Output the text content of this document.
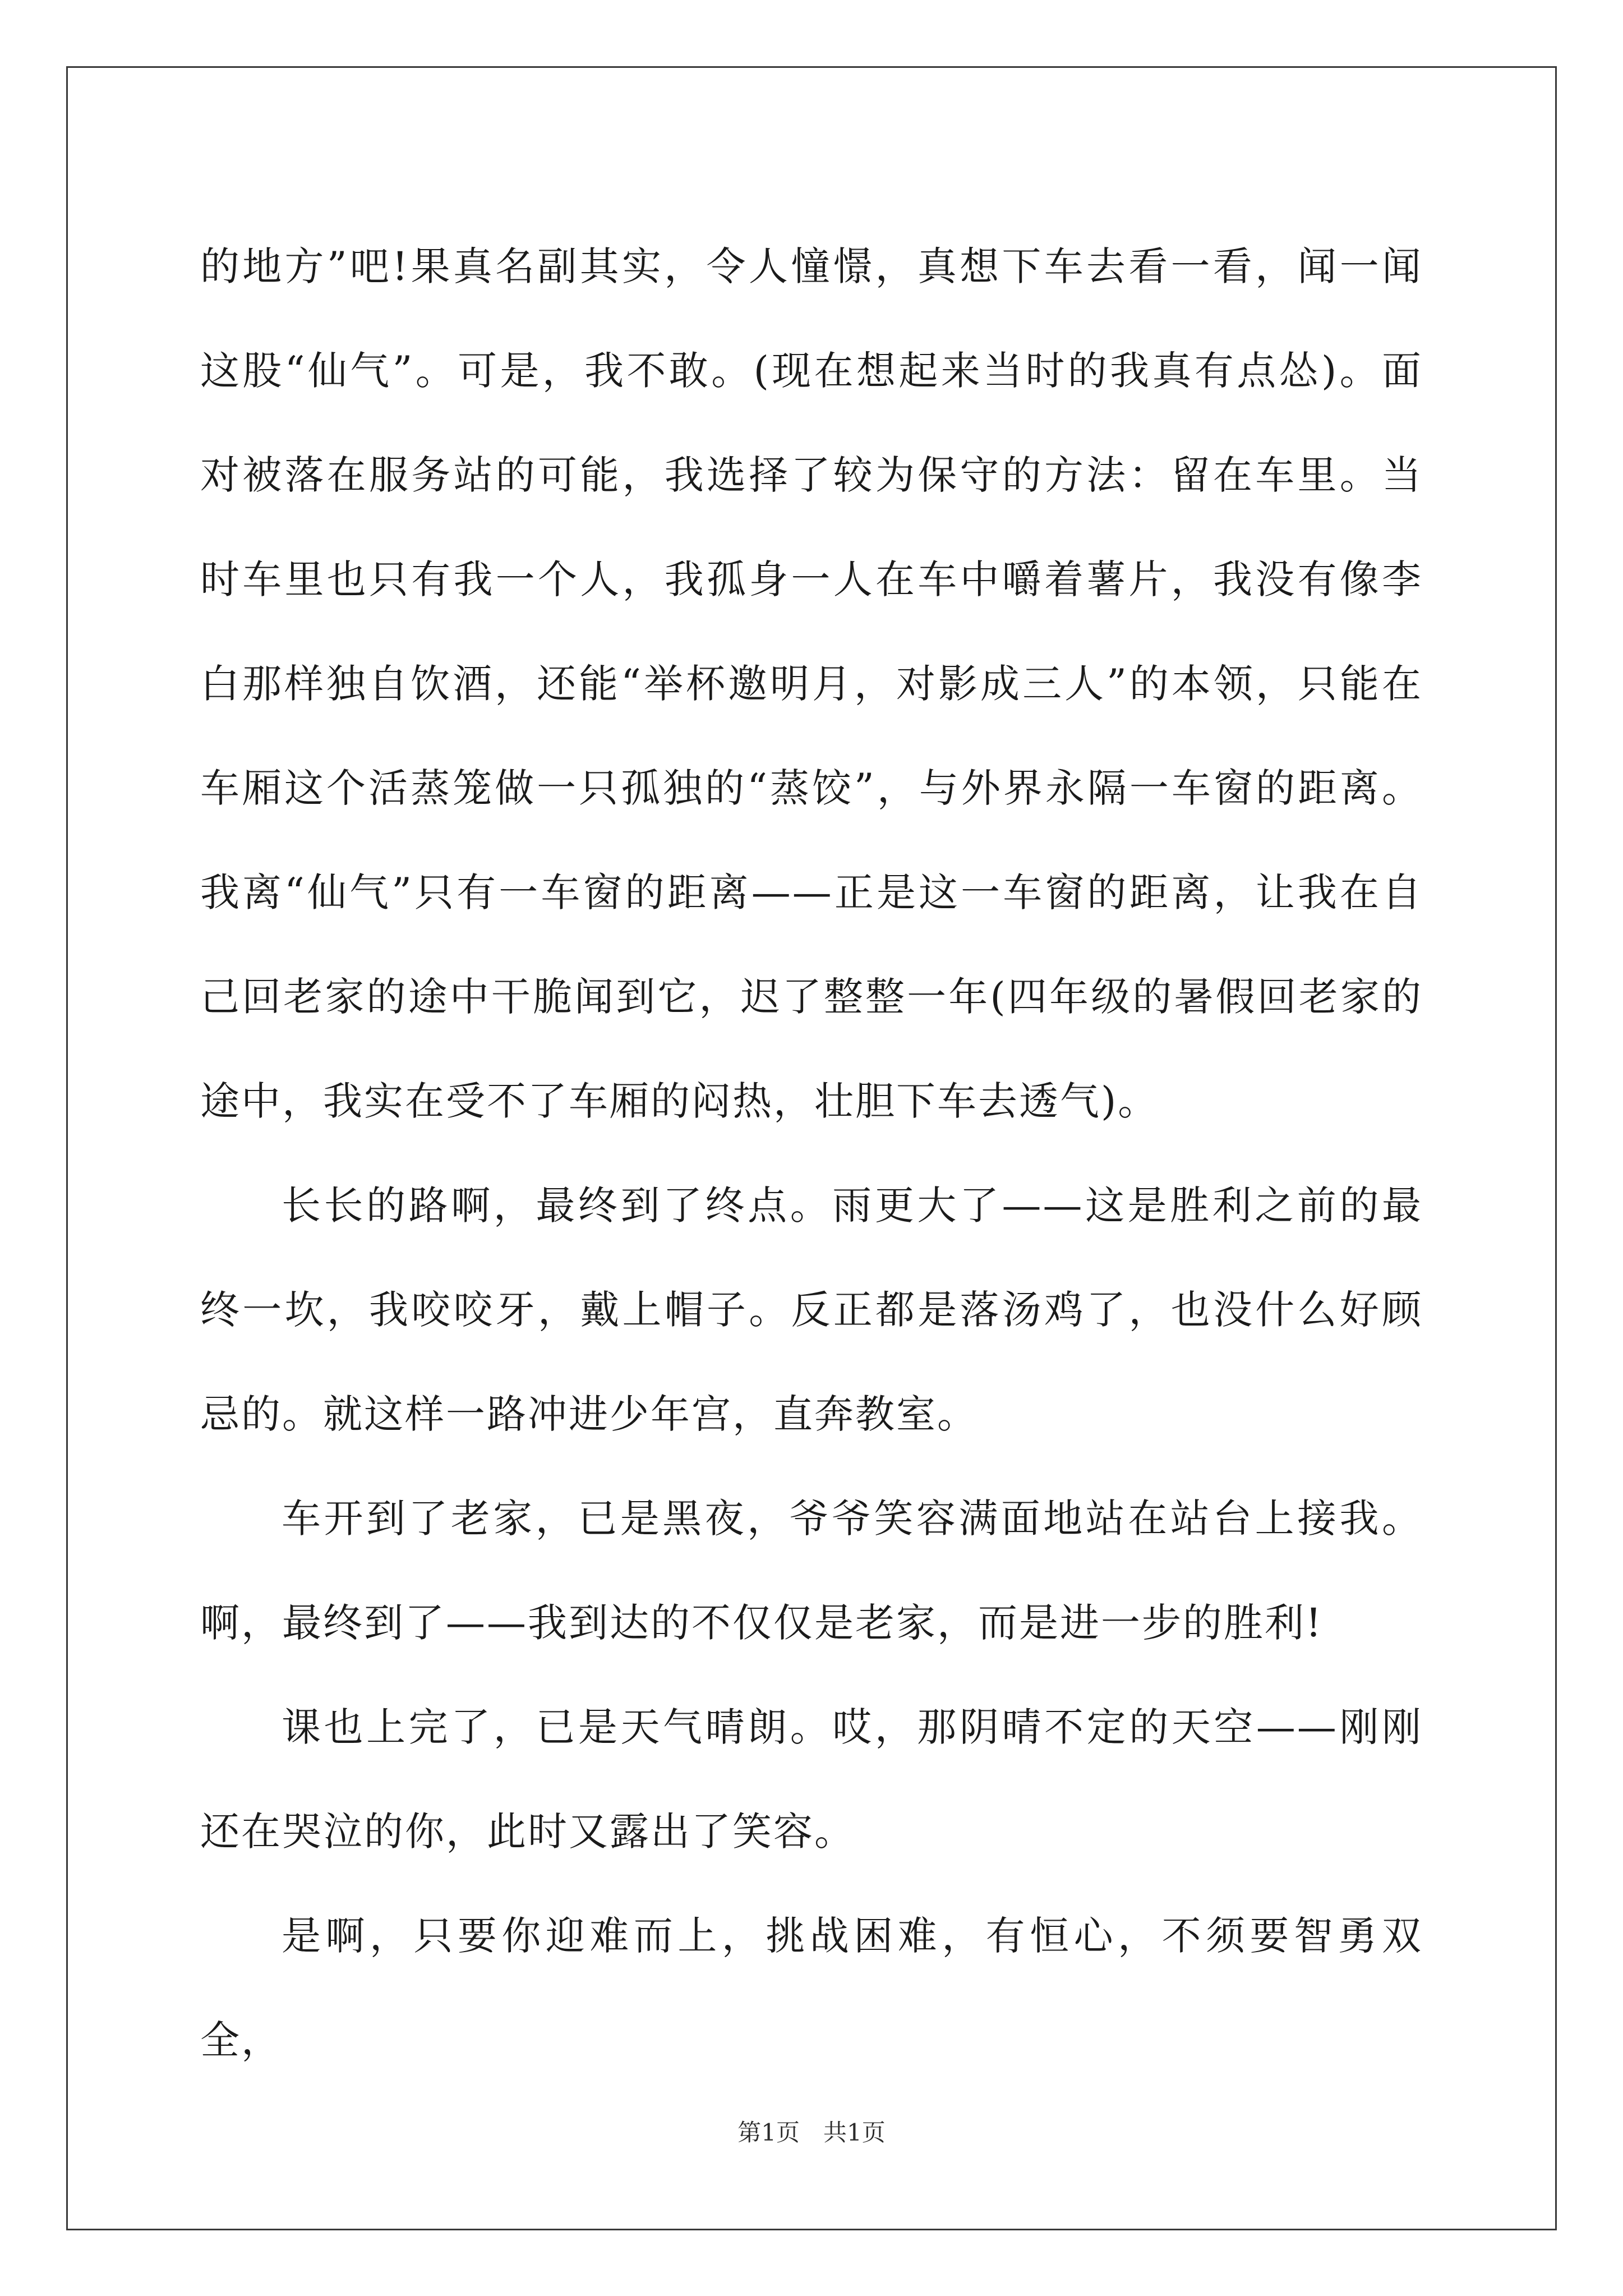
的地方”吧!果真名副其实，令人憧憬，真想下车去看一看，闻一闻这股“仙气”。可是，我不敢。(现在想起来当时的我真有点怂)。面对被落在服务站的可能，我选择了较为保守的方法：留在车里。当时车里也只有我一个人，我孤身一人在车中嚼着薯片，我没有像李白那样独自饮酒，还能“举杯邀明月，对影成三人”的本领，只能在车厢这个活蒸笼做一只孤独的“蒸饺”，与外界永隔一车窗的距离。我离“仙气”只有一车窗的距离——正是这一车窗的距离，让我在自己回老家的途中干脆闻到它，迟了整整一年(四年级的暑假回老家的途中，我实在受不了车厢的闷热，壮胆下车去透气)。

长长的路啊，最终到了终点。雨更大了——这是胜利之前的最终一坎，我咬咬牙，戴上帽子。反正都是落汤鸡了，也没什么好顾忌的。就这样一路冲进少年宫，直奔教室。

车开到了老家，已是黑夜，爷爷笑容满面地站在站台上接我。啊，最终到了——我到达的不仅仅是老家，而是进一步的胜利!

课也上完了，已是天气晴朗。哎，那阴晴不定的天空——刚刚还在哭泣的你，此时又露出了笑容。

是啊，只要你迎难而上，挑战困难，有恒心，不须要智勇双全，

第1页　共1页
